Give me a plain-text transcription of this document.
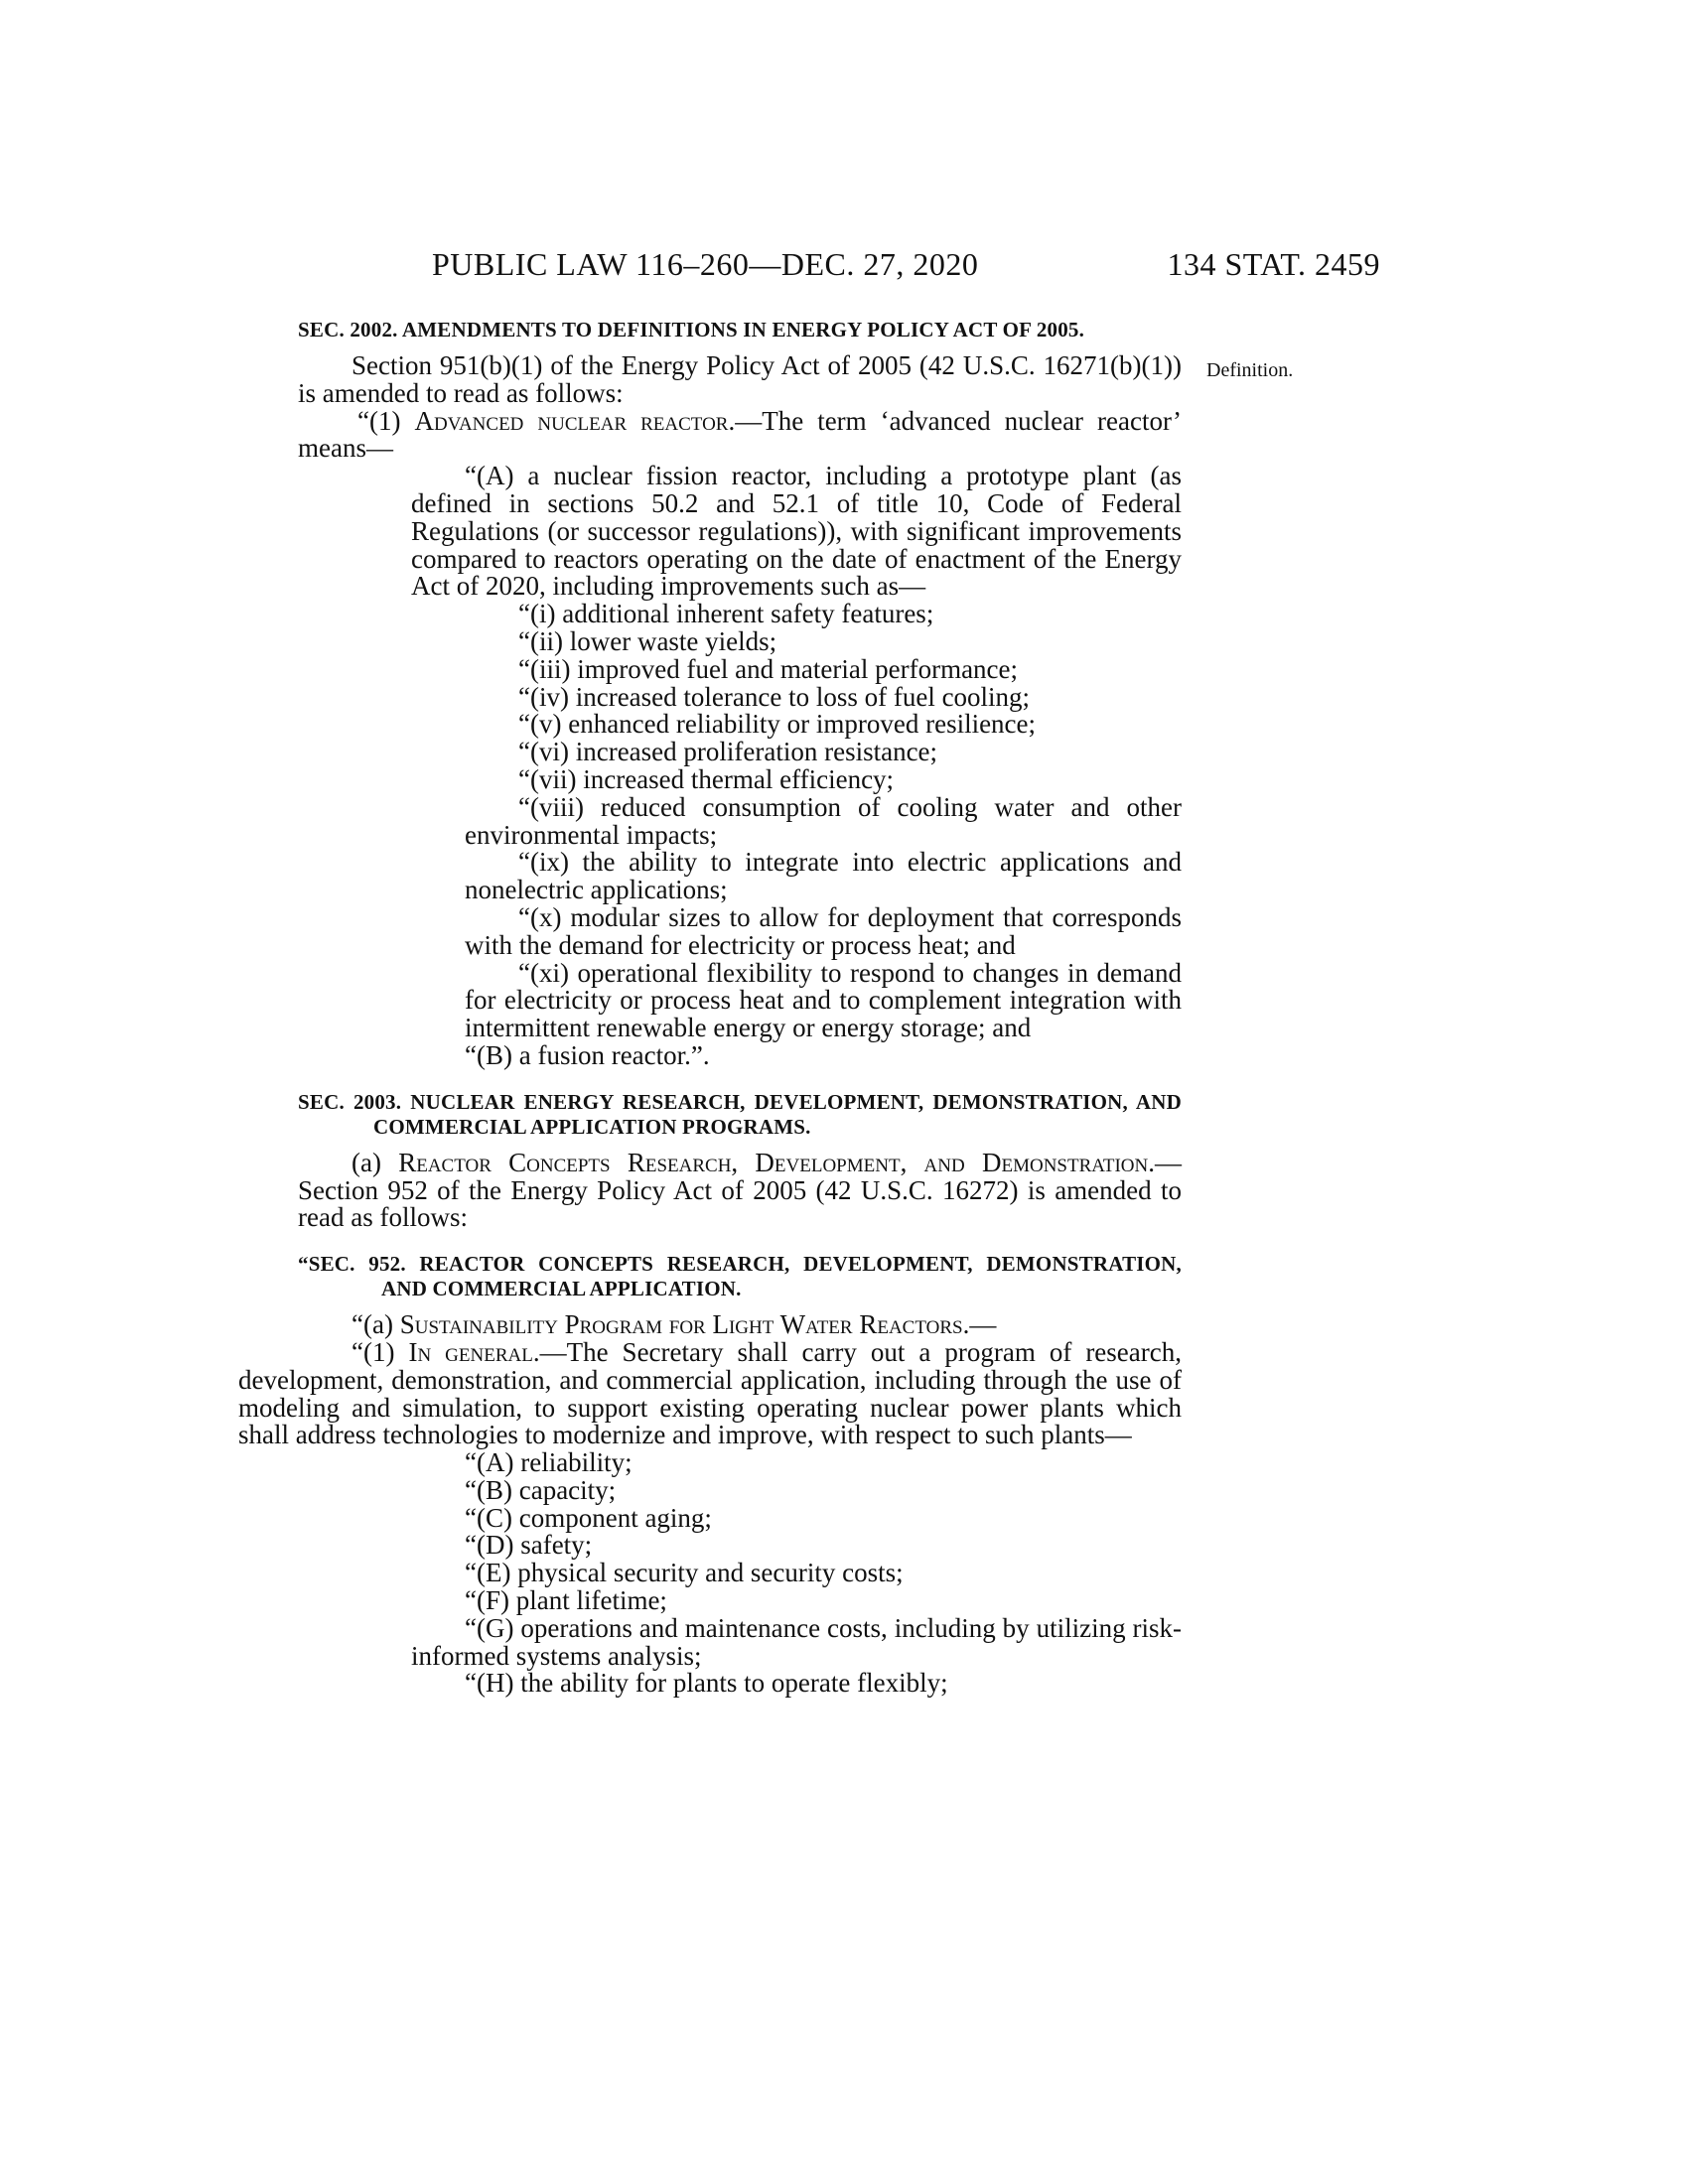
PUBLIC LAW 116–260—DEC. 27, 2020	134 STAT. 2459
Definition.
SEC. 2002. AMENDMENTS TO DEFINITIONS IN ENERGY POLICY ACT OF 2005.

Section 951(b)(1) of the Energy Policy Act of 2005 (42 U.S.C. 16271(b)(1)) is amended to read as follows:

“(1) Advanced nuclear reactor.—The term ‘advanced nuclear reactor’ means—

“(A) a nuclear fission reactor, including a prototype plant (as defined in sections 50.2 and 52.1 of title 10, Code of Federal Regulations (or successor regulations)), with significant improvements compared to reactors operating on the date of enactment of the Energy Act of 2020, including improvements such as—

“(i) additional inherent safety features;

“(ii) lower waste yields;

“(iii) improved fuel and material performance;

“(iv) increased tolerance to loss of fuel cooling;

“(v) enhanced reliability or improved resilience;

“(vi) increased proliferation resistance;

“(vii) increased thermal efficiency;

“(viii) reduced consumption of cooling water and other environmental impacts;

“(ix) the ability to integrate into electric applications and nonelectric applications;

“(x) modular sizes to allow for deployment that corresponds with the demand for electricity or process heat; and

“(xi) operational flexibility to respond to changes in demand for electricity or process heat and to complement integration with intermittent renewable energy or energy storage; and

“(B) a fusion reactor.”.

SEC. 2003. NUCLEAR ENERGY RESEARCH, DEVELOPMENT, DEMONSTRATION, AND COMMERCIAL APPLICATION PROGRAMS.

(a) Reactor Concepts Research, Development, and Demonstration.—Section 952 of the Energy Policy Act of 2005 (42 U.S.C. 16272) is amended to read as follows:

“SEC. 952. REACTOR CONCEPTS RESEARCH, DEVELOPMENT, DEMONSTRATION, AND COMMERCIAL APPLICATION.

“(a) Sustainability Program for Light Water Reactors.—

“(1) In general.—The Secretary shall carry out a program of research, development, demonstration, and commercial application, including through the use of modeling and simulation, to support existing operating nuclear power plants which shall address technologies to modernize and improve, with respect to such plants—

“(A) reliability;

“(B) capacity;

“(C) component aging;

“(D) safety;

“(E) physical security and security costs;

“(F) plant lifetime;

“(G) operations and maintenance costs, including by utilizing risk-informed systems analysis;

“(H) the ability for plants to operate flexibly;
